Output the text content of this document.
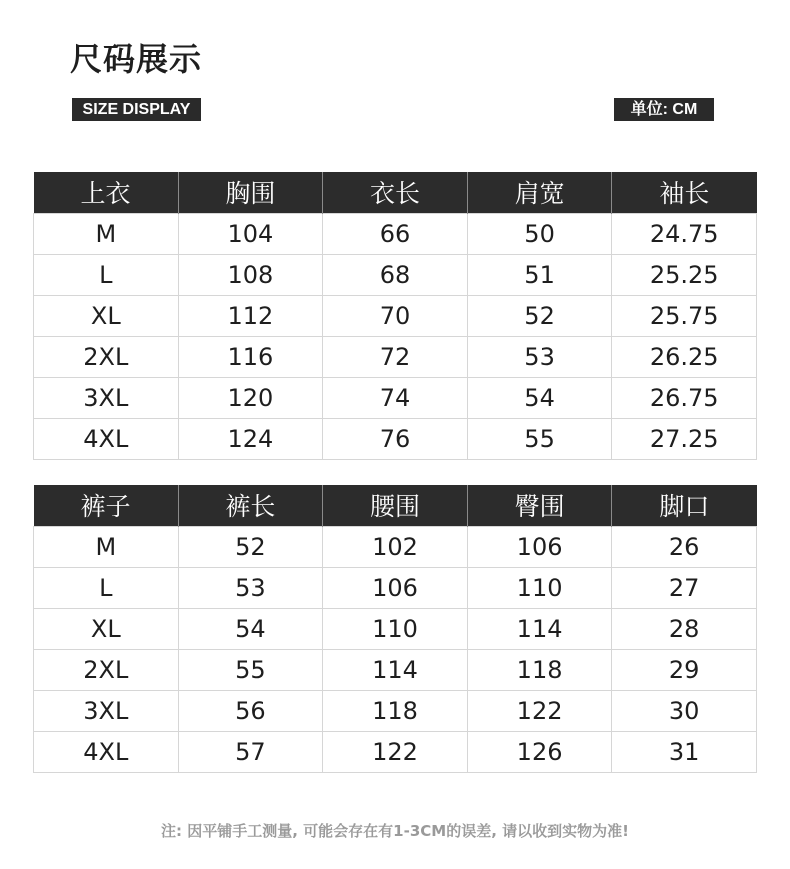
尺码展示
SIZE DISPLAY	单位: CM
上衣	胸围	衣长	肩宽	袖长
M	104	66	50	24.75
L	108	68	51	25.25
XL	112	70	52	25.75
2XL	116	72	53	26.25
3XL	120	74	54	26.75
4XL	124	76	55	27.25
裤子	裤长	腰围	臀围	脚口
M	52	102	106	26
L	53	106	110	27
XL	54	110	114	28
2XL	55	114	118	29
3XL	56	118	122	30
4XL	57	122	126	31
注: 因平铺手工测量, 可能会存在有1-3CM的误差, 请以收到实物为准!
